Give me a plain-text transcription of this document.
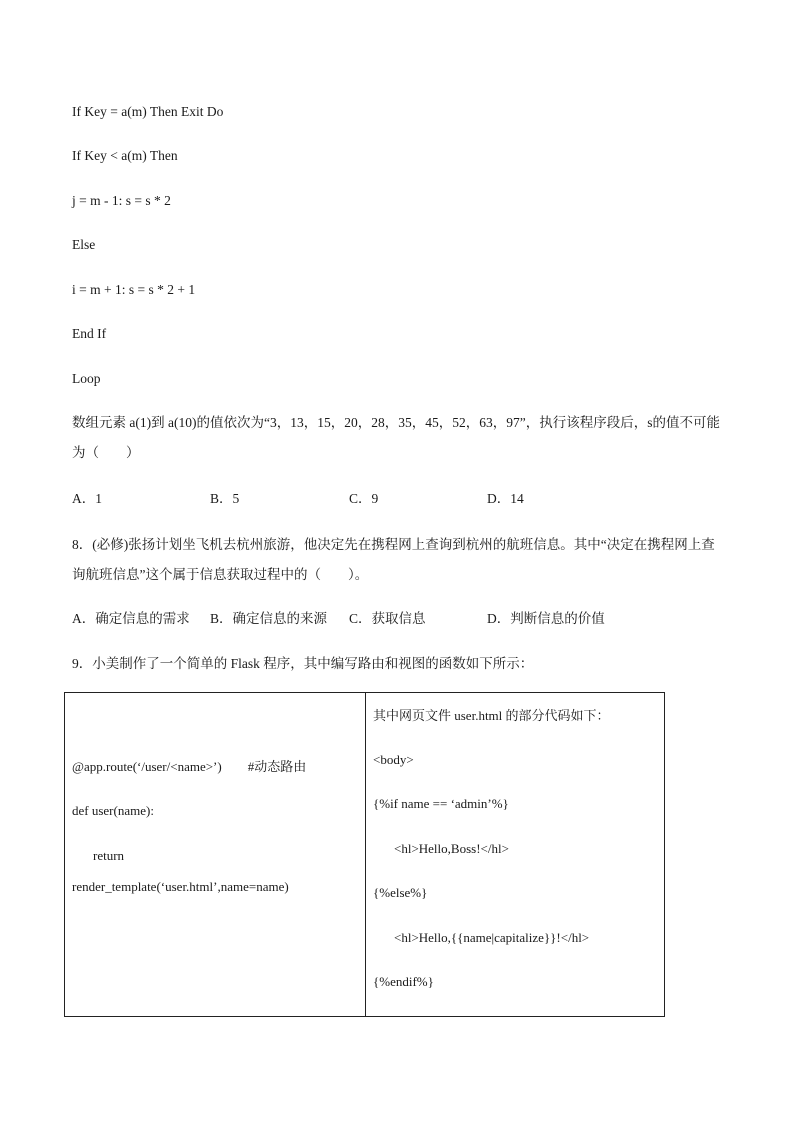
If Key = a(m) Then Exit Do
If Key < a(m) Then
j = m - 1: s = s * 2
Else
i = m + 1: s = s * 2 + 1
End If
Loop
数组元素 a(1)到 a(10)的值依次为“3，13，15，20，28，35，45，52，63，97”，执行该程序段后，s的值不可能为（　　）
A．1	B．5	C．9	D．14
8．(必修)张扬计划坐飞机去杭州旅游，他决定先在携程网上查询到杭州的航班信息。其中“决定在携程网上查询航班信息”这个属于信息获取过程中的（　　）。
A．确定信息的需求 B．确定信息的来源 C．获取信息	D．判断信息的价值
9．小美制作了一个简单的 Flask 程序，其中编写路由和视图的函数如下所示：
@app.route(‘/user/<name>’)　　#动态路由
def user(name):
return
render_template(‘user.html’,name=name)

其中网页文件 user.html 的部分代码如下：
<body>
{%if name == ‘admin’%}
<hl>Hello,Boss!</hl>
{%else%}
<hl>Hello,{{name|capitalize}}!</hl>
{%endif%}
